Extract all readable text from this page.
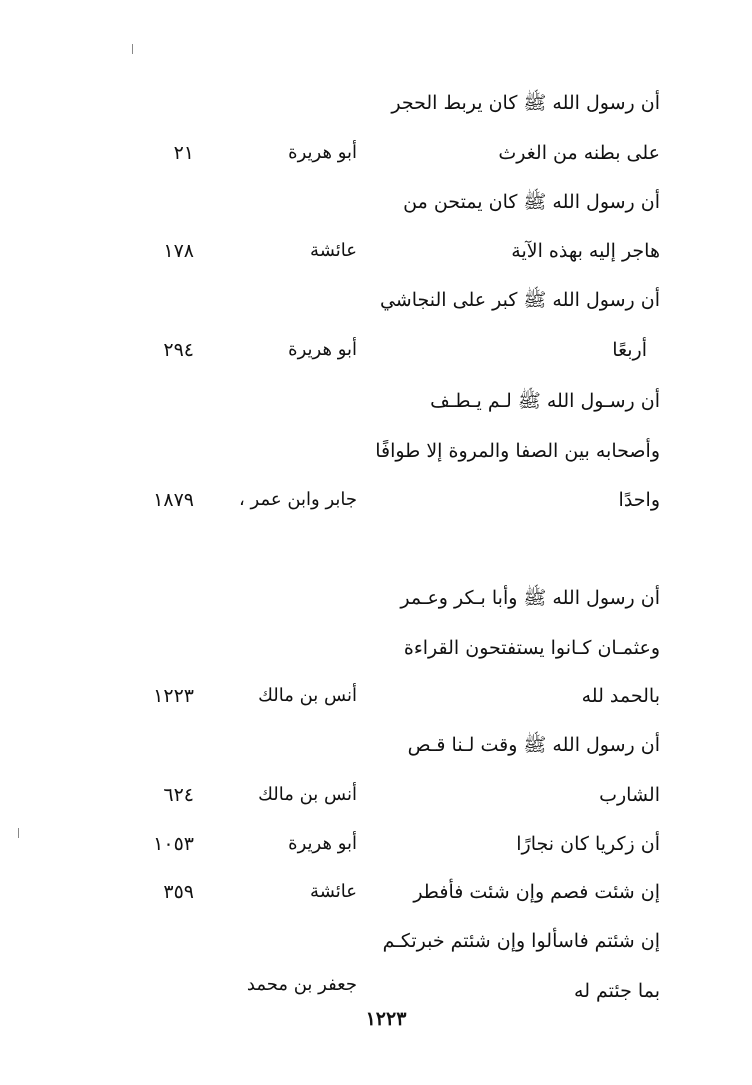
أن رسول الله ﷺ كان يربط الحجر
على بطنه من الغرث
أبو هريرة
٢١
أن رسول الله ﷺ كان يمتحن من
هاجر إليه بهذه الآية
عائشة
١٧٨
أن رسول الله ﷺ كبر على النجاشي
أربعًا
أبو هريرة
٢٩٤
أن رسـول الله ﷺ لـم يـطـف
وأصحابه بين الصفا والمروة إلا طوافًا
واحدًا
جابر وابن عمر ،
١٨٧٩
أن رسول الله ﷺ وأبا بـكر وعـمر
وعثمـان كـانوا يستفتحون القراءة
بالحمد لله
أنس بن مالك
١٢٢٣
أن رسول الله ﷺ وقت لـنا قـص
الشارب
أنس بن مالك
٦٢٤
أن زكريا كان نجارًا
أبو هريرة
١٠٥٣
إن شئت فصم وإن شئت فأفطر
عائشة
٣٥٩
إن شئتم فاسألوا وإن شئتم خبرتكـم
بما جئتم له
جعفر بن محمد
١٢٢٣
